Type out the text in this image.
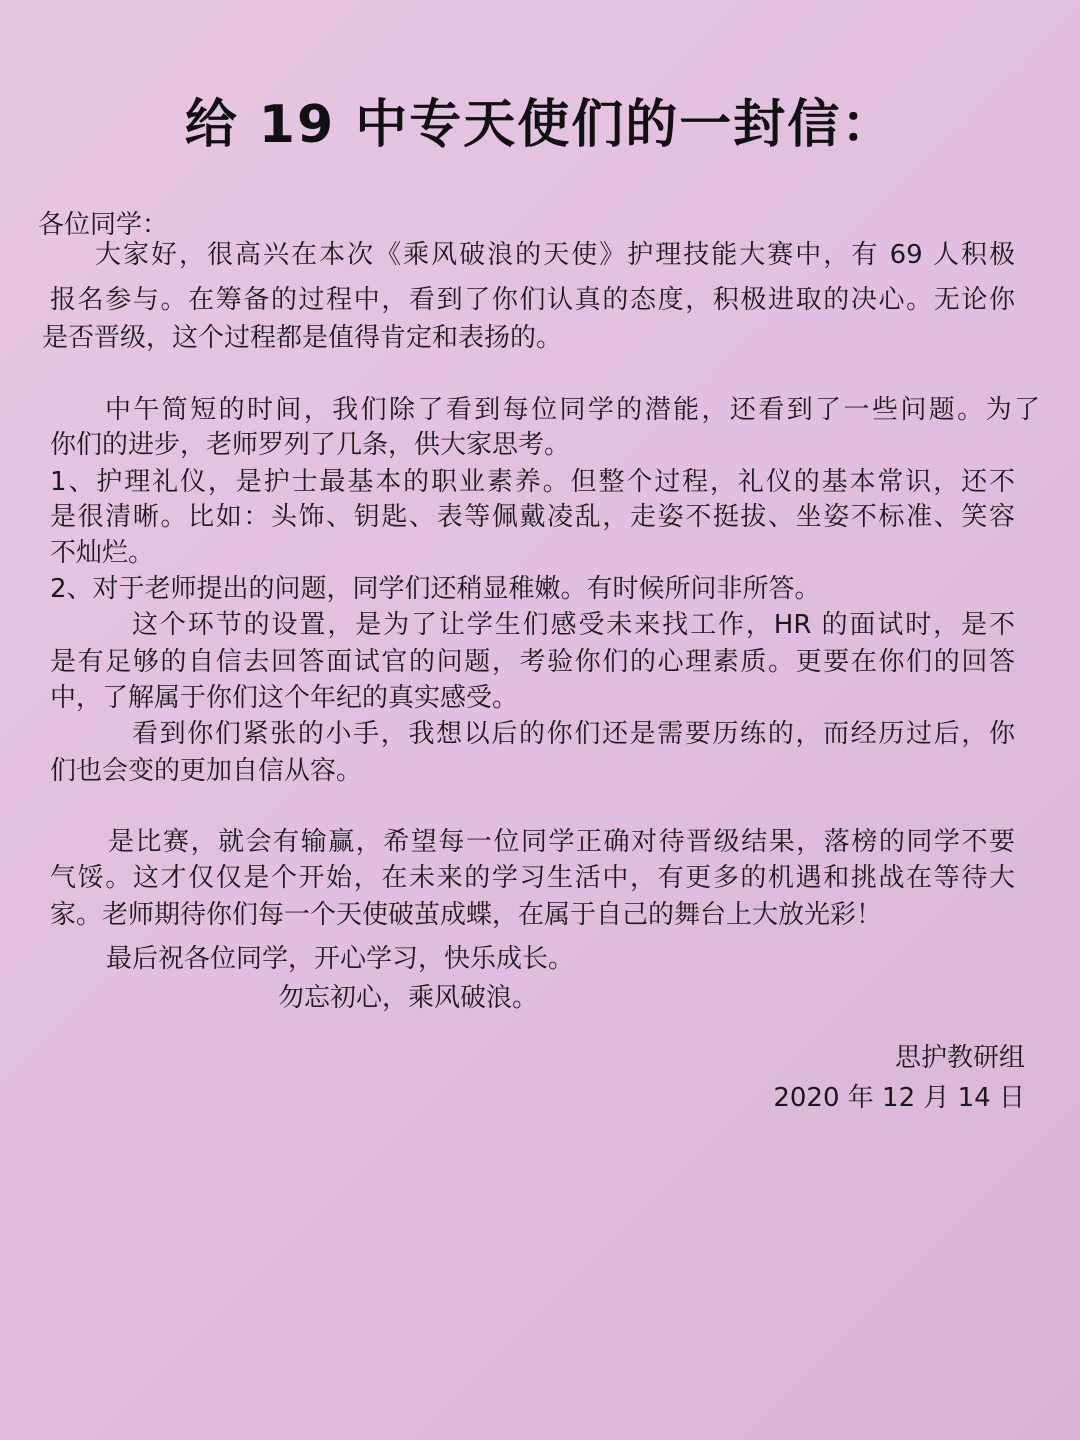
给 19 中专天使们的一封信：
各位同学：
大家好，很高兴在本次《乘风破浪的天使》护理技能大赛中，有 69 人积极
报名参与。在筹备的过程中，看到了你们认真的态度，积极进取的决心。无论你
是否晋级，这个过程都是值得肯定和表扬的。
中午简短的时间，我们除了看到每位同学的潜能，还看到了一些问题。为了
你们的进步，老师罗列了几条，供大家思考。
1、护理礼仪，是护士最基本的职业素养。但整个过程，礼仪的基本常识，还不
是很清晰。比如：头饰、钥匙、表等佩戴凌乱，走姿不挺拔、坐姿不标准、笑容
不灿烂。
2、对于老师提出的问题，同学们还稍显稚嫩。有时候所问非所答。
这个环节的设置，是为了让学生们感受未来找工作，HR 的面试时，是不
是有足够的自信去回答面试官的问题，考验你们的心理素质。更要在你们的回答
中，了解属于你们这个年纪的真实感受。
看到你们紧张的小手，我想以后的你们还是需要历练的，而经历过后，你
们也会变的更加自信从容。
是比赛，就会有输赢，希望每一位同学正确对待晋级结果，落榜的同学不要
气馁。这才仅仅是个开始，在未来的学习生活中，有更多的机遇和挑战在等待大
家。老师期待你们每一个天使破茧成蝶，在属于自己的舞台上大放光彩！
最后祝各位同学，开心学习，快乐成长。
勿忘初心，乘风破浪。
思护教研组
2020 年 12 月 14 日
